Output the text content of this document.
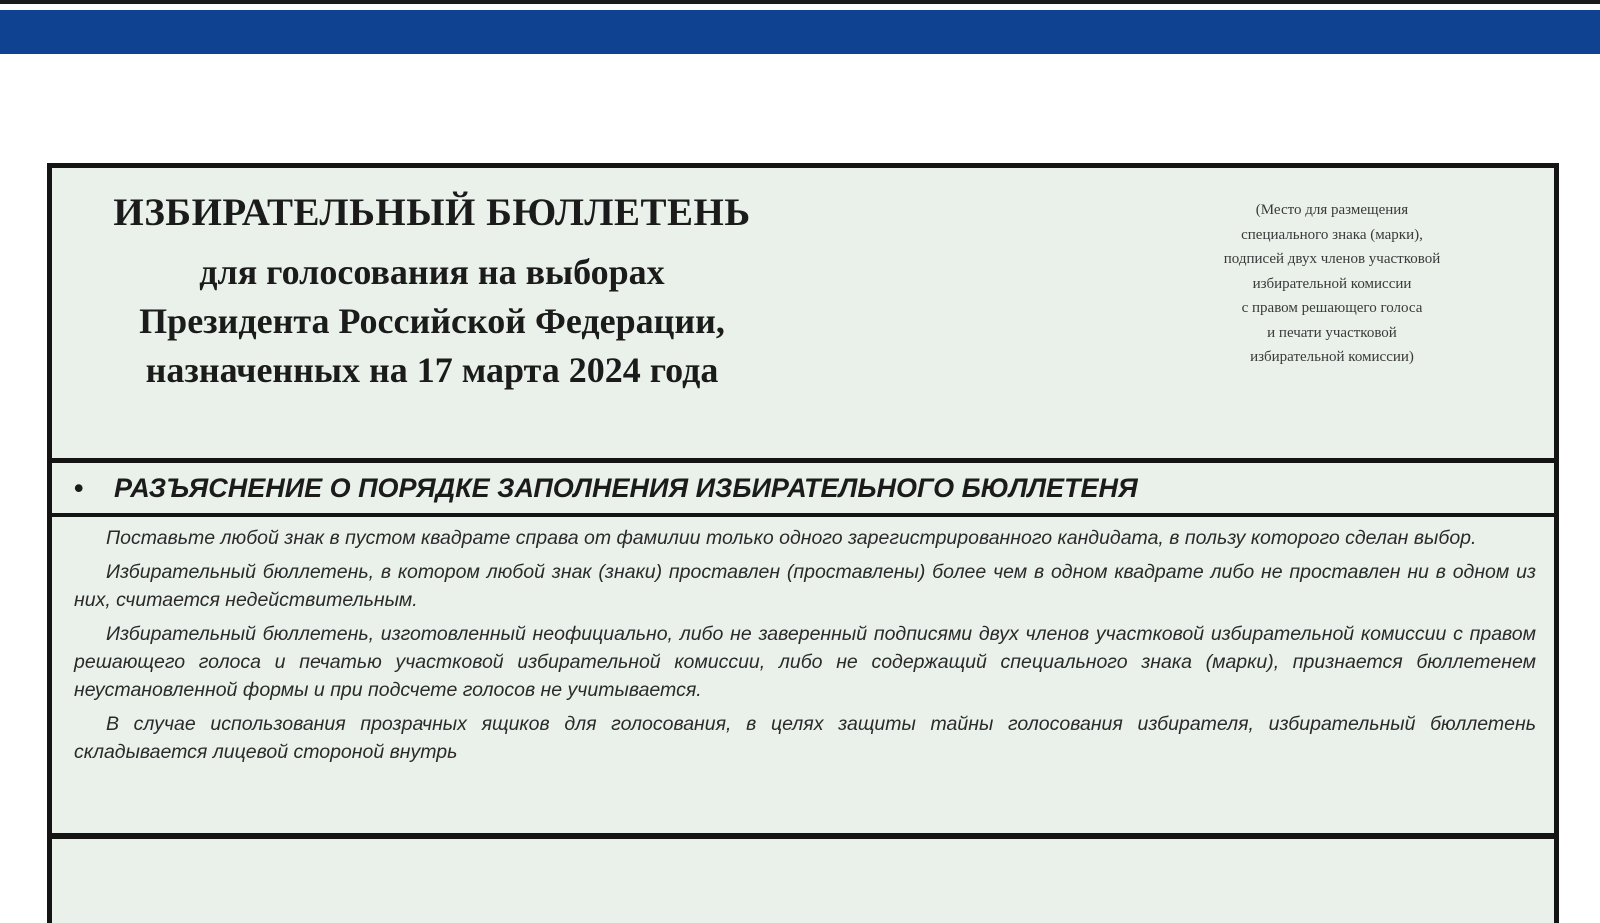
ИЗБИРАТЕЛЬНЫЙ БЮЛЛЕТЕНЬ
для голосования на выборах
Президента Российской Федерации,
назначенных на 17 марта 2024 года
(Место для размещения
специального знака (марки),
подписей двух членов участковой
избирательной комиссии
с правом решающего голоса
и печати участковой
избирательной комиссии)
• РАЗЪЯСНЕНИЕ О ПОРЯДКЕ ЗАПОЛНЕНИЯ ИЗБИРАТЕЛЬНОГО БЮЛЛЕТЕНЯ

Поставьте любой знак в пустом квадрате справа от фамилии только одного зарегистрированного кандидата, в пользу которого сделан выбор.

Избирательный бюллетень, в котором любой знак (знаки) проставлен (проставлены) более чем в одном квадрате либо не проставлен ни в одном из них, считается недействительным.

Избирательный бюллетень, изготовленный неофициально, либо не заверенный подписями двух членов участковой избирательной комиссии с правом решающего голоса и печатью участковой избирательной комиссии, либо не содержащий специального знака (марки), признается бюллетенем неустановленной формы и при подсчете голосов не учитывается.

В случае использования прозрачных ящиков для голосования, в целях защиты тайны голосования избирателя, избирательный бюллетень складывается лицевой стороной внутрь
